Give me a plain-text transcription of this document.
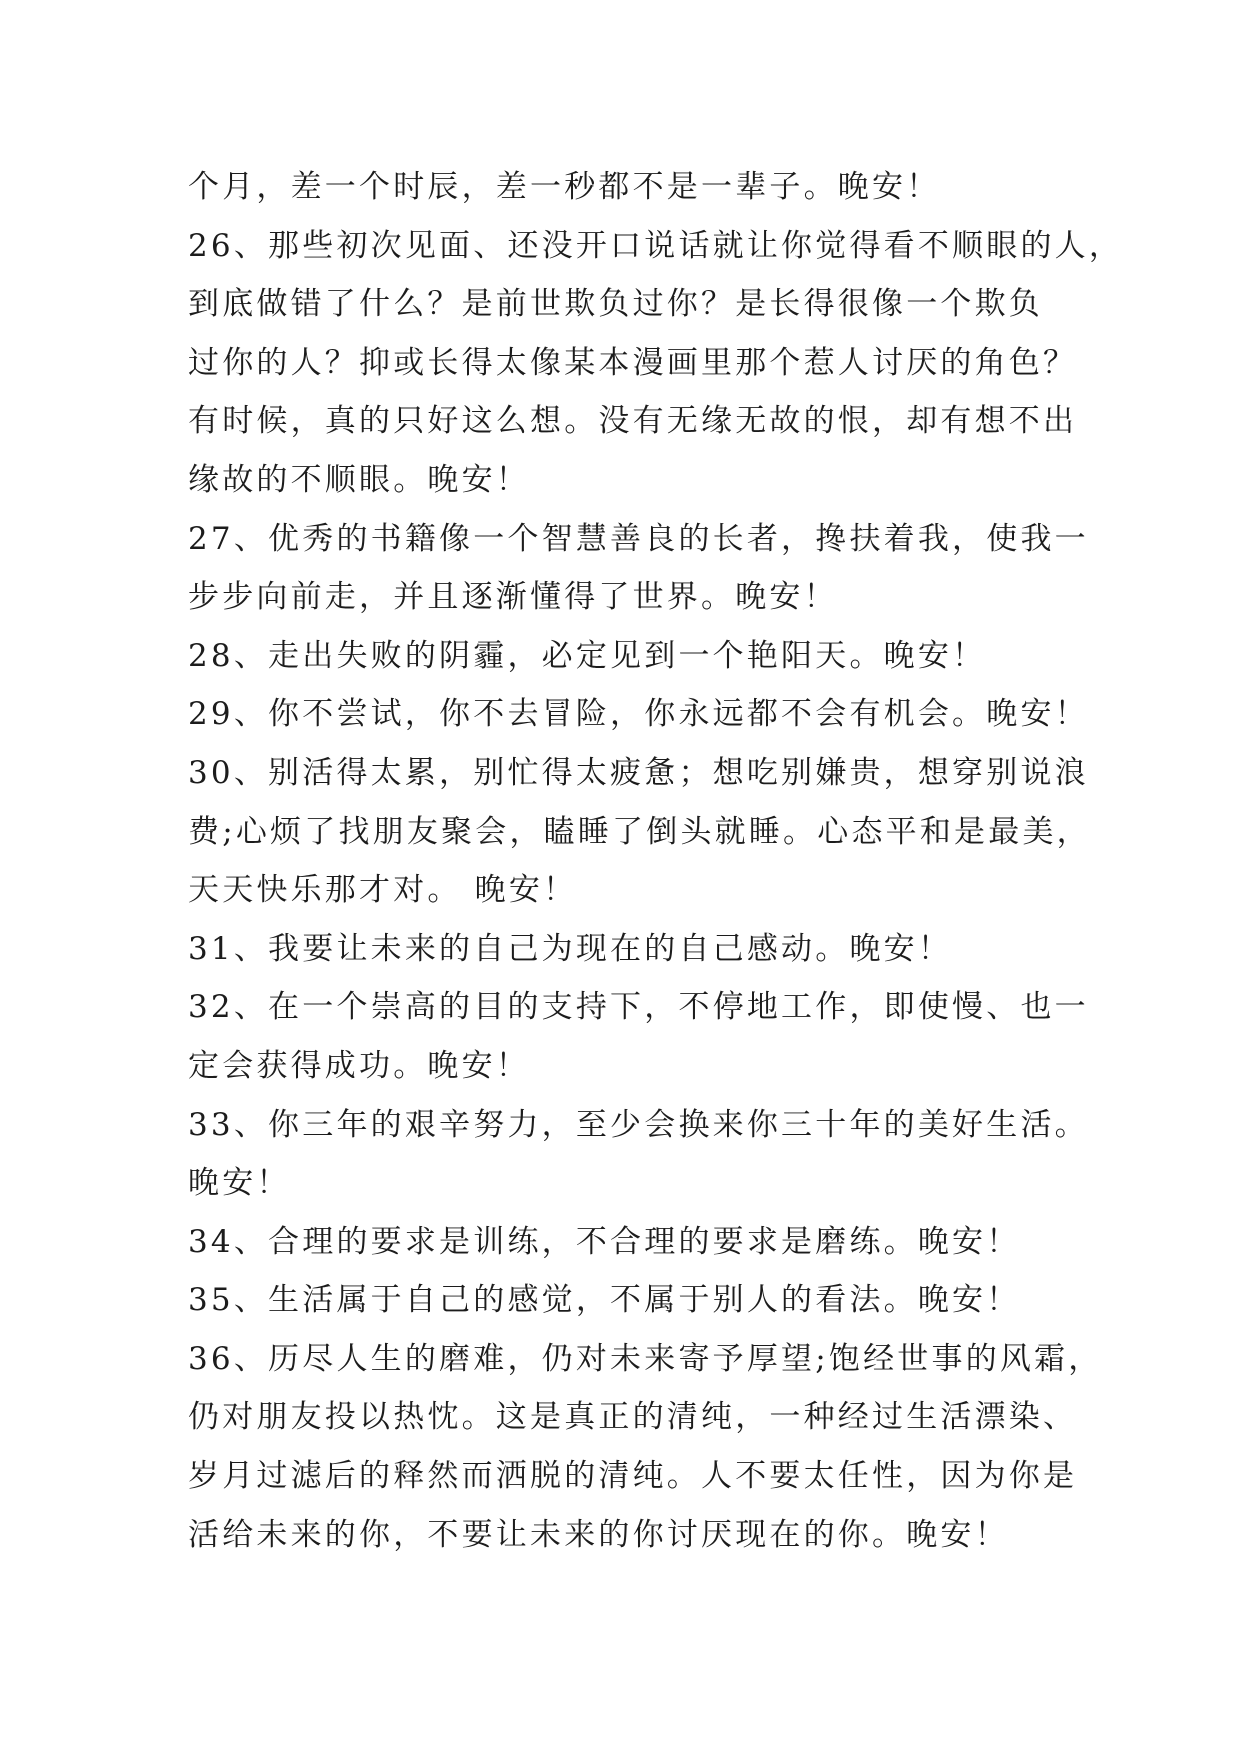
个月，差一个时辰，差一秒都不是一辈子。晚安！
26、那些初次见面、还没开口说话就让你觉得看不顺眼的人，
到底做错了什么？是前世欺负过你？是长得很像一个欺负
过你的人？抑或长得太像某本漫画里那个惹人讨厌的角色？
有时候，真的只好这么想。没有无缘无故的恨，却有想不出
缘故的不顺眼。晚安！
27、优秀的书籍像一个智慧善良的长者，搀扶着我，使我一
步步向前走，并且逐渐懂得了世界。晚安！
28、走出失败的阴霾，必定见到一个艳阳天。晚安！
29、你不尝试，你不去冒险，你永远都不会有机会。晚安！
30、别活得太累，别忙得太疲惫；想吃别嫌贵，想穿别说浪
费;心烦了找朋友聚会，瞌睡了倒头就睡。心态平和是最美，
天天快乐那才对。 晚安！
31、我要让未来的自己为现在的自己感动。晚安！
32、在一个崇高的目的支持下，不停地工作，即使慢、也一
定会获得成功。晚安！
33、你三年的艰辛努力，至少会换来你三十年的美好生活。
晚安！
34、合理的要求是训练，不合理的要求是磨练。晚安！
35、生活属于自己的感觉，不属于别人的看法。晚安！
36、历尽人生的磨难，仍对未来寄予厚望;饱经世事的风霜，
仍对朋友投以热忱。这是真正的清纯，一种经过生活漂染、
岁月过滤后的释然而洒脱的清纯。人不要太任性，因为你是
活给未来的你，不要让未来的你讨厌现在的你。晚安！
